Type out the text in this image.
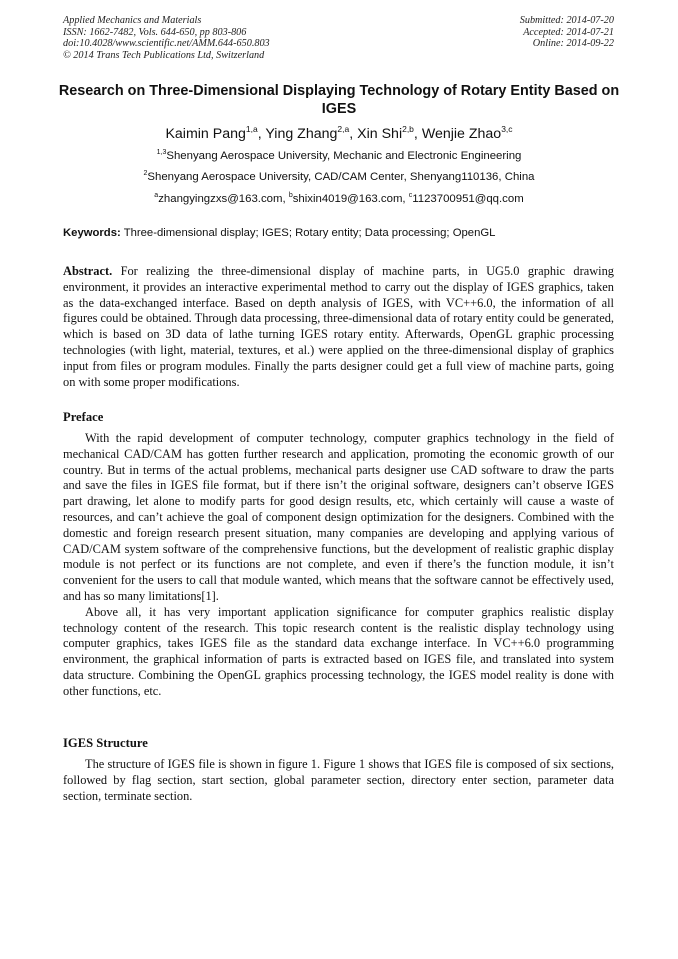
Applied Mechanics and Materials
ISSN: 1662-7482, Vols. 644-650, pp 803-806
doi:10.4028/www.scientific.net/AMM.644-650.803
© 2014 Trans Tech Publications Ltd, Switzerland
Submitted: 2014-07-20
Accepted: 2014-07-21
Online: 2014-09-22
Research on Three-Dimensional Displaying Technology of Rotary Entity Based on IGES
Kaimin Pang$^{1,a}$, Ying Zhang$^{2,a}$, Xin Shi$^{2,b}$, Wenjie Zhao$^{3,c}$
$^{1,3}$Shenyang Aerospace University, Mechanic and Electronic Engineering
$^2$Shenyang Aerospace University, CAD/CAM Center, Shenyang110136, China
$^a$zhangyingzxs@163.com, $^b$shixin4019@163.com, $^c$1123700951@qq.com
Keywords: Three-dimensional display; IGES; Rotary entity; Data processing; OpenGL
Abstract. For realizing the three-dimensional display of machine parts, in UG5.0 graphic drawing environment, it provides an interactive experimental method to carry out the display of IGES graphics, taken as the data-exchanged interface. Based on depth analysis of IGES, with VC++6.0, the information of all figures could be obtained. Through data processing, three-dimensional data of rotary entity could be generated, which is based on 3D data of lathe turning IGES rotary entity. Afterwards, OpenGL graphic processing technologies (with light, material, textures, et al.) were applied on the three-dimensional display of graphics input from files or program modules. Finally the parts designer could get a full view of machine parts, going on with some proper modifications.
Preface

With the rapid development of computer technology, computer graphics technology in the field of mechanical CAD/CAM has gotten further research and application, promoting the economic growth of our country. But in terms of the actual problems, mechanical parts designer use CAD software to draw the parts and save the files in IGES file format, but if there isn’t the original software, designers can’t observe IGES part drawing, let alone to modify parts for good design results, etc, which certainly will cause a waste of resources, and can’t achieve the goal of component design optimization for the designers. Combined with the domestic and foreign research present situation, many companies are developing and applying various of CAD/CAM system software of the comprehensive functions, but the development of realistic graphic display module is not perfect or its functions are not complete, and even if there’s the function module, it isn’t convenient for the users to call that module wanted, which means that the software cannot be effectively used, and has so many limitations[1].

Above all, it has very important application significance for computer graphics realistic display technology content of the research. This topic research content is the realistic display technology using computer graphics, takes IGES file as the standard data exchange interface. In VC++6.0 programming environment, the graphical information of parts is extracted based on IGES file, and translated into system data structure. Combining the OpenGL graphics processing technology, the IGES model reality is done with other functions, etc.

IGES Structure

The structure of IGES file is shown in figure 1. Figure 1 shows that IGES file is composed of six sections, followed by flag section, start section, global parameter section, directory enter section, parameter data section, terminate section.
